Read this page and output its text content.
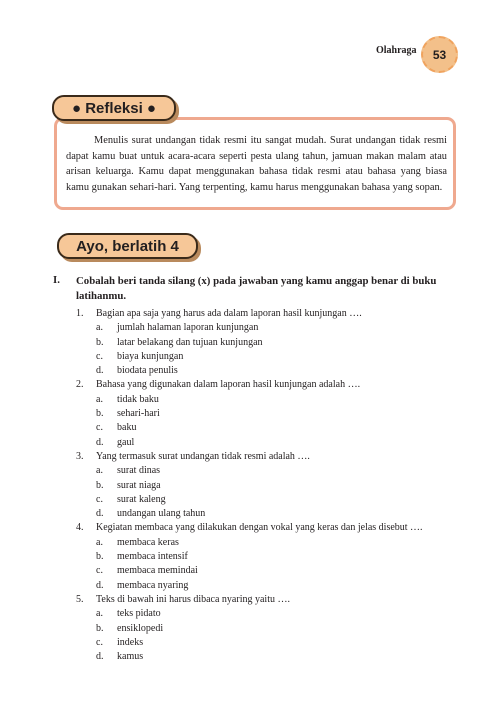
Olahraga	53
● Refleksi ●
Menulis surat undangan tidak resmi itu sangat mudah. Surat undangan tidak resmi dapat kamu buat untuk acara-acara seperti pesta ulang tahun, jamuan makan malam atau arisan keluarga. Kamu dapat menggunakan bahasa tidak resmi atau bahasa yang biasa kamu gunakan sehari-hari. Yang terpenting, kamu harus menggunakan bahasa yang sopan.
Ayo, berlatih 4
I. Cobalah beri tanda silang (x) pada jawaban yang kamu anggap benar di buku latihanmu.
1.	Bagian apa saja yang harus ada dalam laporan hasil kunjungan ….
a.	jumlah halaman laporan kunjungan
b.	latar belakang dan tujuan kunjungan
c.	biaya kunjungan
d.	biodata penulis
2.	Bahasa yang digunakan dalam laporan hasil kunjungan adalah ….
a.	tidak baku
b.	sehari-hari
c.	baku
d.	gaul
3.	Yang termasuk surat undangan tidak resmi adalah ….
a.	surat dinas
b.	surat niaga
c.	surat kaleng
d.	undangan ulang tahun
4.	Kegiatan membaca yang dilakukan dengan vokal yang keras dan jelas disebut ….
a.	membaca keras
b.	membaca intensif
c.	membaca memindai
d.	membaca nyaring
5.	Teks di bawah ini harus dibaca nyaring yaitu ….
a.	teks pidato
b.	ensiklopedi
c.	indeks
d.	kamus
